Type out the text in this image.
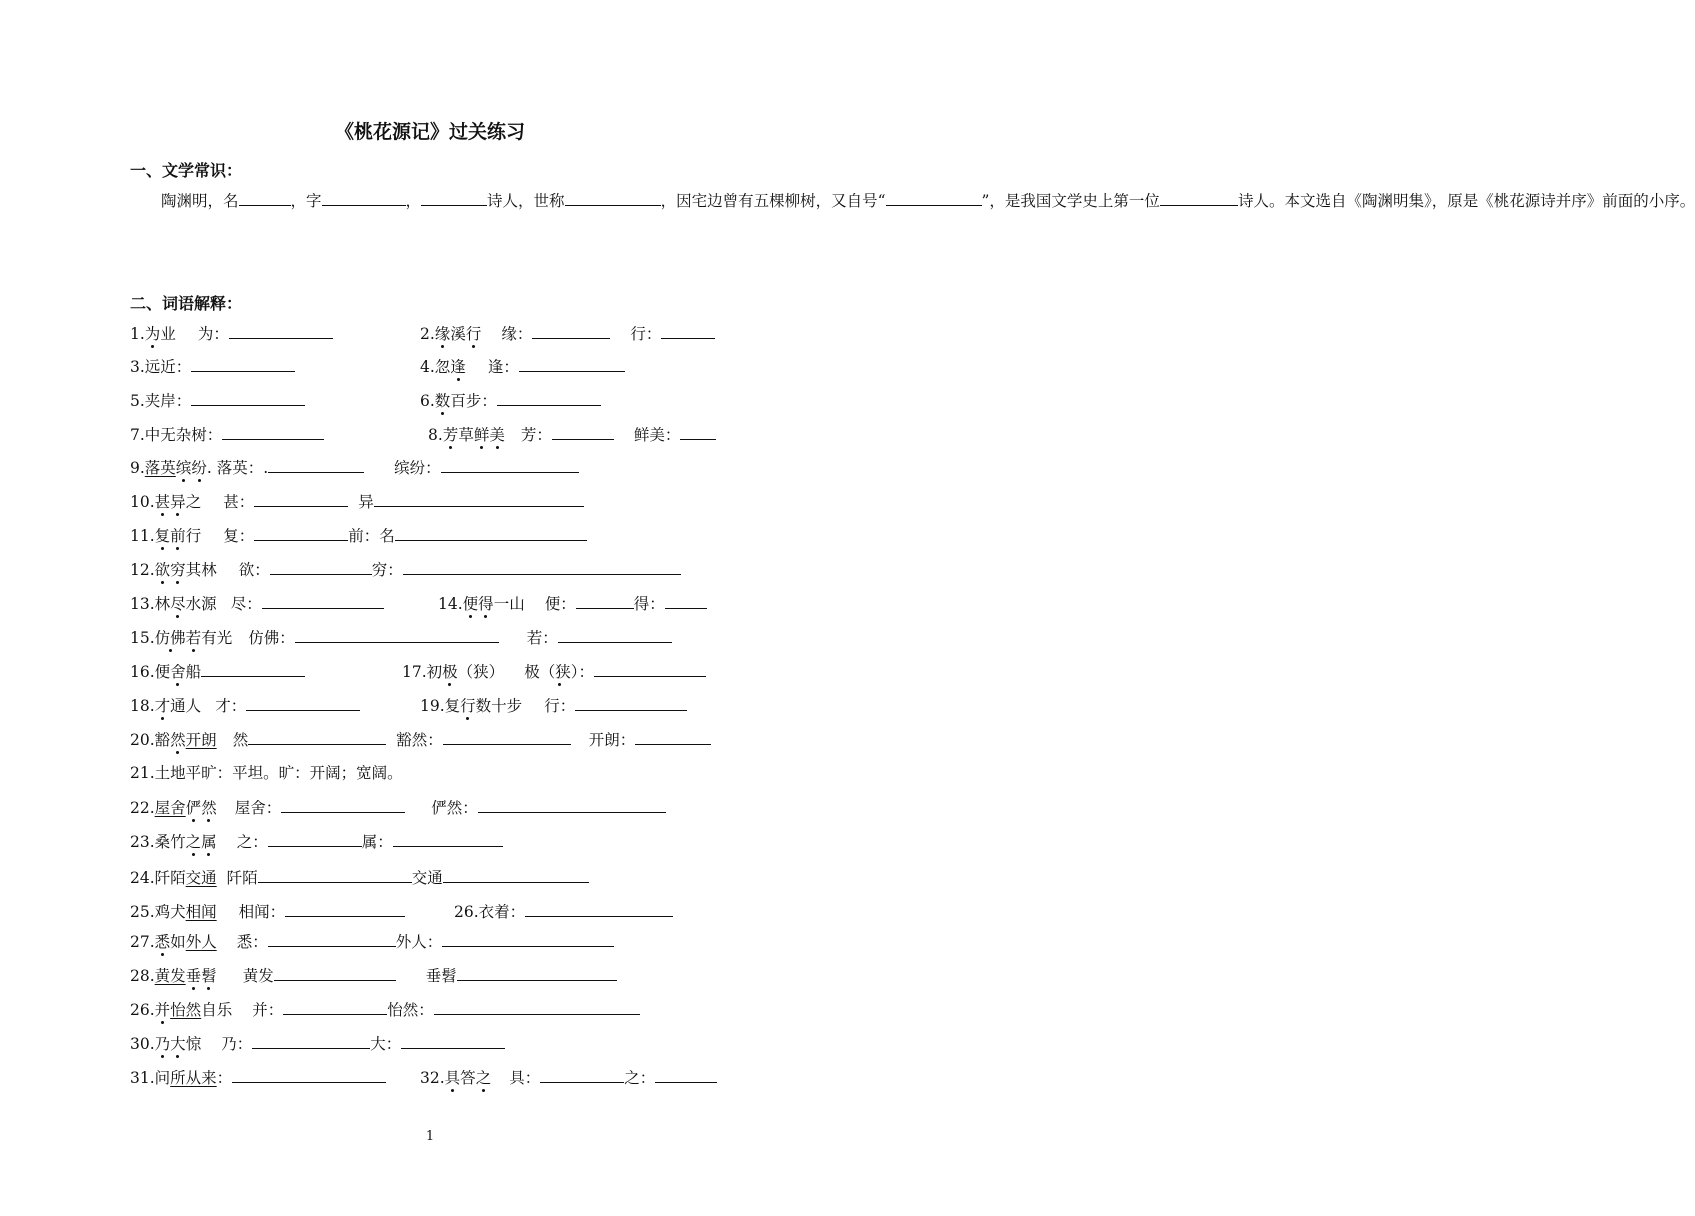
《桃花源记》过关练习
一、文学常识：
陶渊明，名	，字	，	诗人，世称	，因宅边曾有五棵柳树，又自号“	”，是我国文学史上第一位	诗人。本文选自《陶渊明集》，原是《桃花源诗并序》前面的小序。
二、词语解释：
1.为业 为：	2.缘溪行 缘：	行：
3.远近：	4.忽逢 逢：
5.夹岸：	6.数百步：
7.中无杂树：	8.芳草鲜美 芳：	鲜美：
9.落英缤纷. 落英：.	缤纷：
10.甚异之 甚：	异
11.复前行 复：	前：名
12.欲穷其林 欲：	穷：
13.林尽水源 尽：	14.便得一山 便：	得：
15.仿佛若有光 仿佛：	若：
16.便舍船	17.初极（狭） 极（狭）：
18.才通人 才：	19.复行数十步 行：
20.豁然开朗 然	豁然：	开朗：
21.土地平旷：平坦。旷：开阔；宽阔。
22.屋舍俨然 屋舍：	俨然：
23.桑竹之属 之：	属：
24.阡陌交通 阡陌	交通
25.鸡犬相闻 相闻：	26.衣着：
27.悉如外人 悉：	外人：
28.黄发垂髫 黄发	垂髫
26.并怡然自乐 并：	怡然：
30.乃大惊 乃：	大：
31.问所从来：	32.具答之 具：	之：
1
